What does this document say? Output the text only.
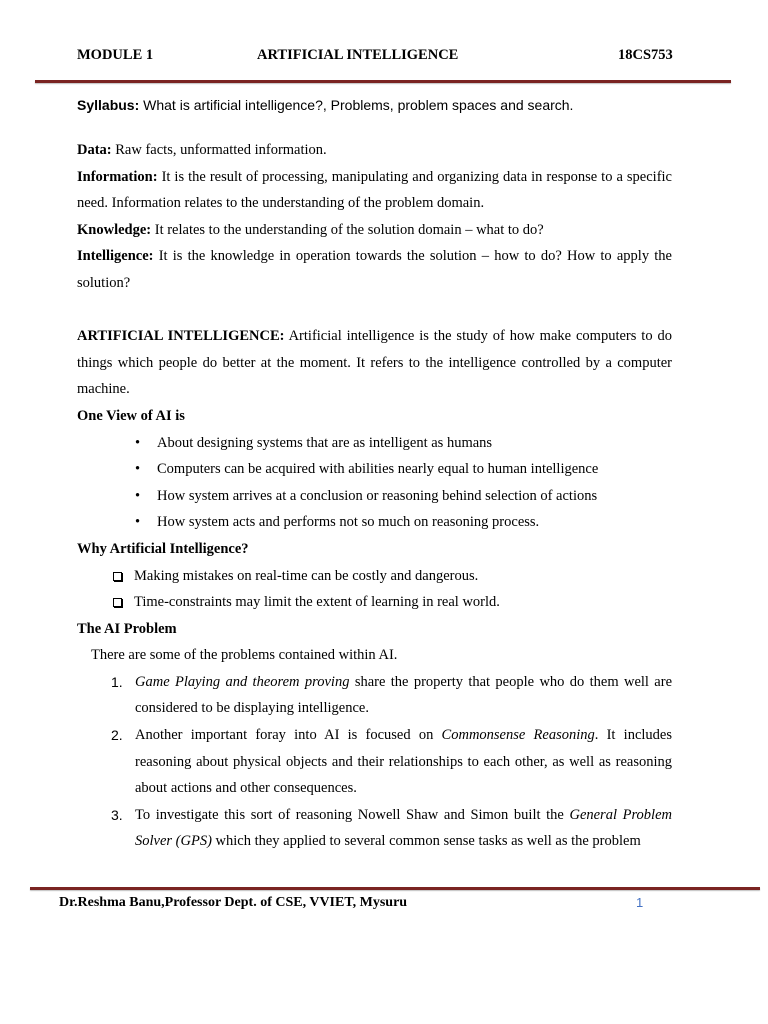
MODULE 1	ARTIFICIAL INTELLIGENCE	18CS753
Syllabus: What is artificial intelligence?, Problems, problem spaces and search.

Data: Raw facts, unformatted information.

Information: It is the result of processing, manipulating and organizing data in response to a specific need. Information relates to the understanding of the problem domain.

Knowledge: It relates to the understanding of the solution domain – what to do?

Intelligence: It is the knowledge in operation towards the solution – how to do? How to apply the solution?

ARTIFICIAL INTELLIGENCE: Artificial intelligence is the study of how make computers to do things which people do better at the moment. It refers to the intelligence controlled by a computer machine.

One View of AI is

• About designing systems that are as intelligent as humans
• Computers can be acquired with abilities nearly equal to human intelligence
• How system arrives at a conclusion or reasoning behind selection of actions
• How system acts and performs not so much on reasoning process.

Why Artificial Intelligence?

Making mistakes on real-time can be costly and dangerous.
Time-constraints may limit the extent of learning in real world.

The AI Problem

There are some of the problems contained within AI.

1. Game Playing and theorem proving share the property that people who do them well are considered to be displaying intelligence.
2. Another important foray into AI is focused on Commonsense Reasoning. It includes reasoning about physical objects and their relationships to each other, as well as reasoning about actions and other consequences.
3. To investigate this sort of reasoning Nowell Shaw and Simon built the General Problem Solver (GPS) which they applied to several common sense tasks as well as the problem
Dr.Reshma Banu,Professor Dept. of CSE, VVIET, Mysuru	1
